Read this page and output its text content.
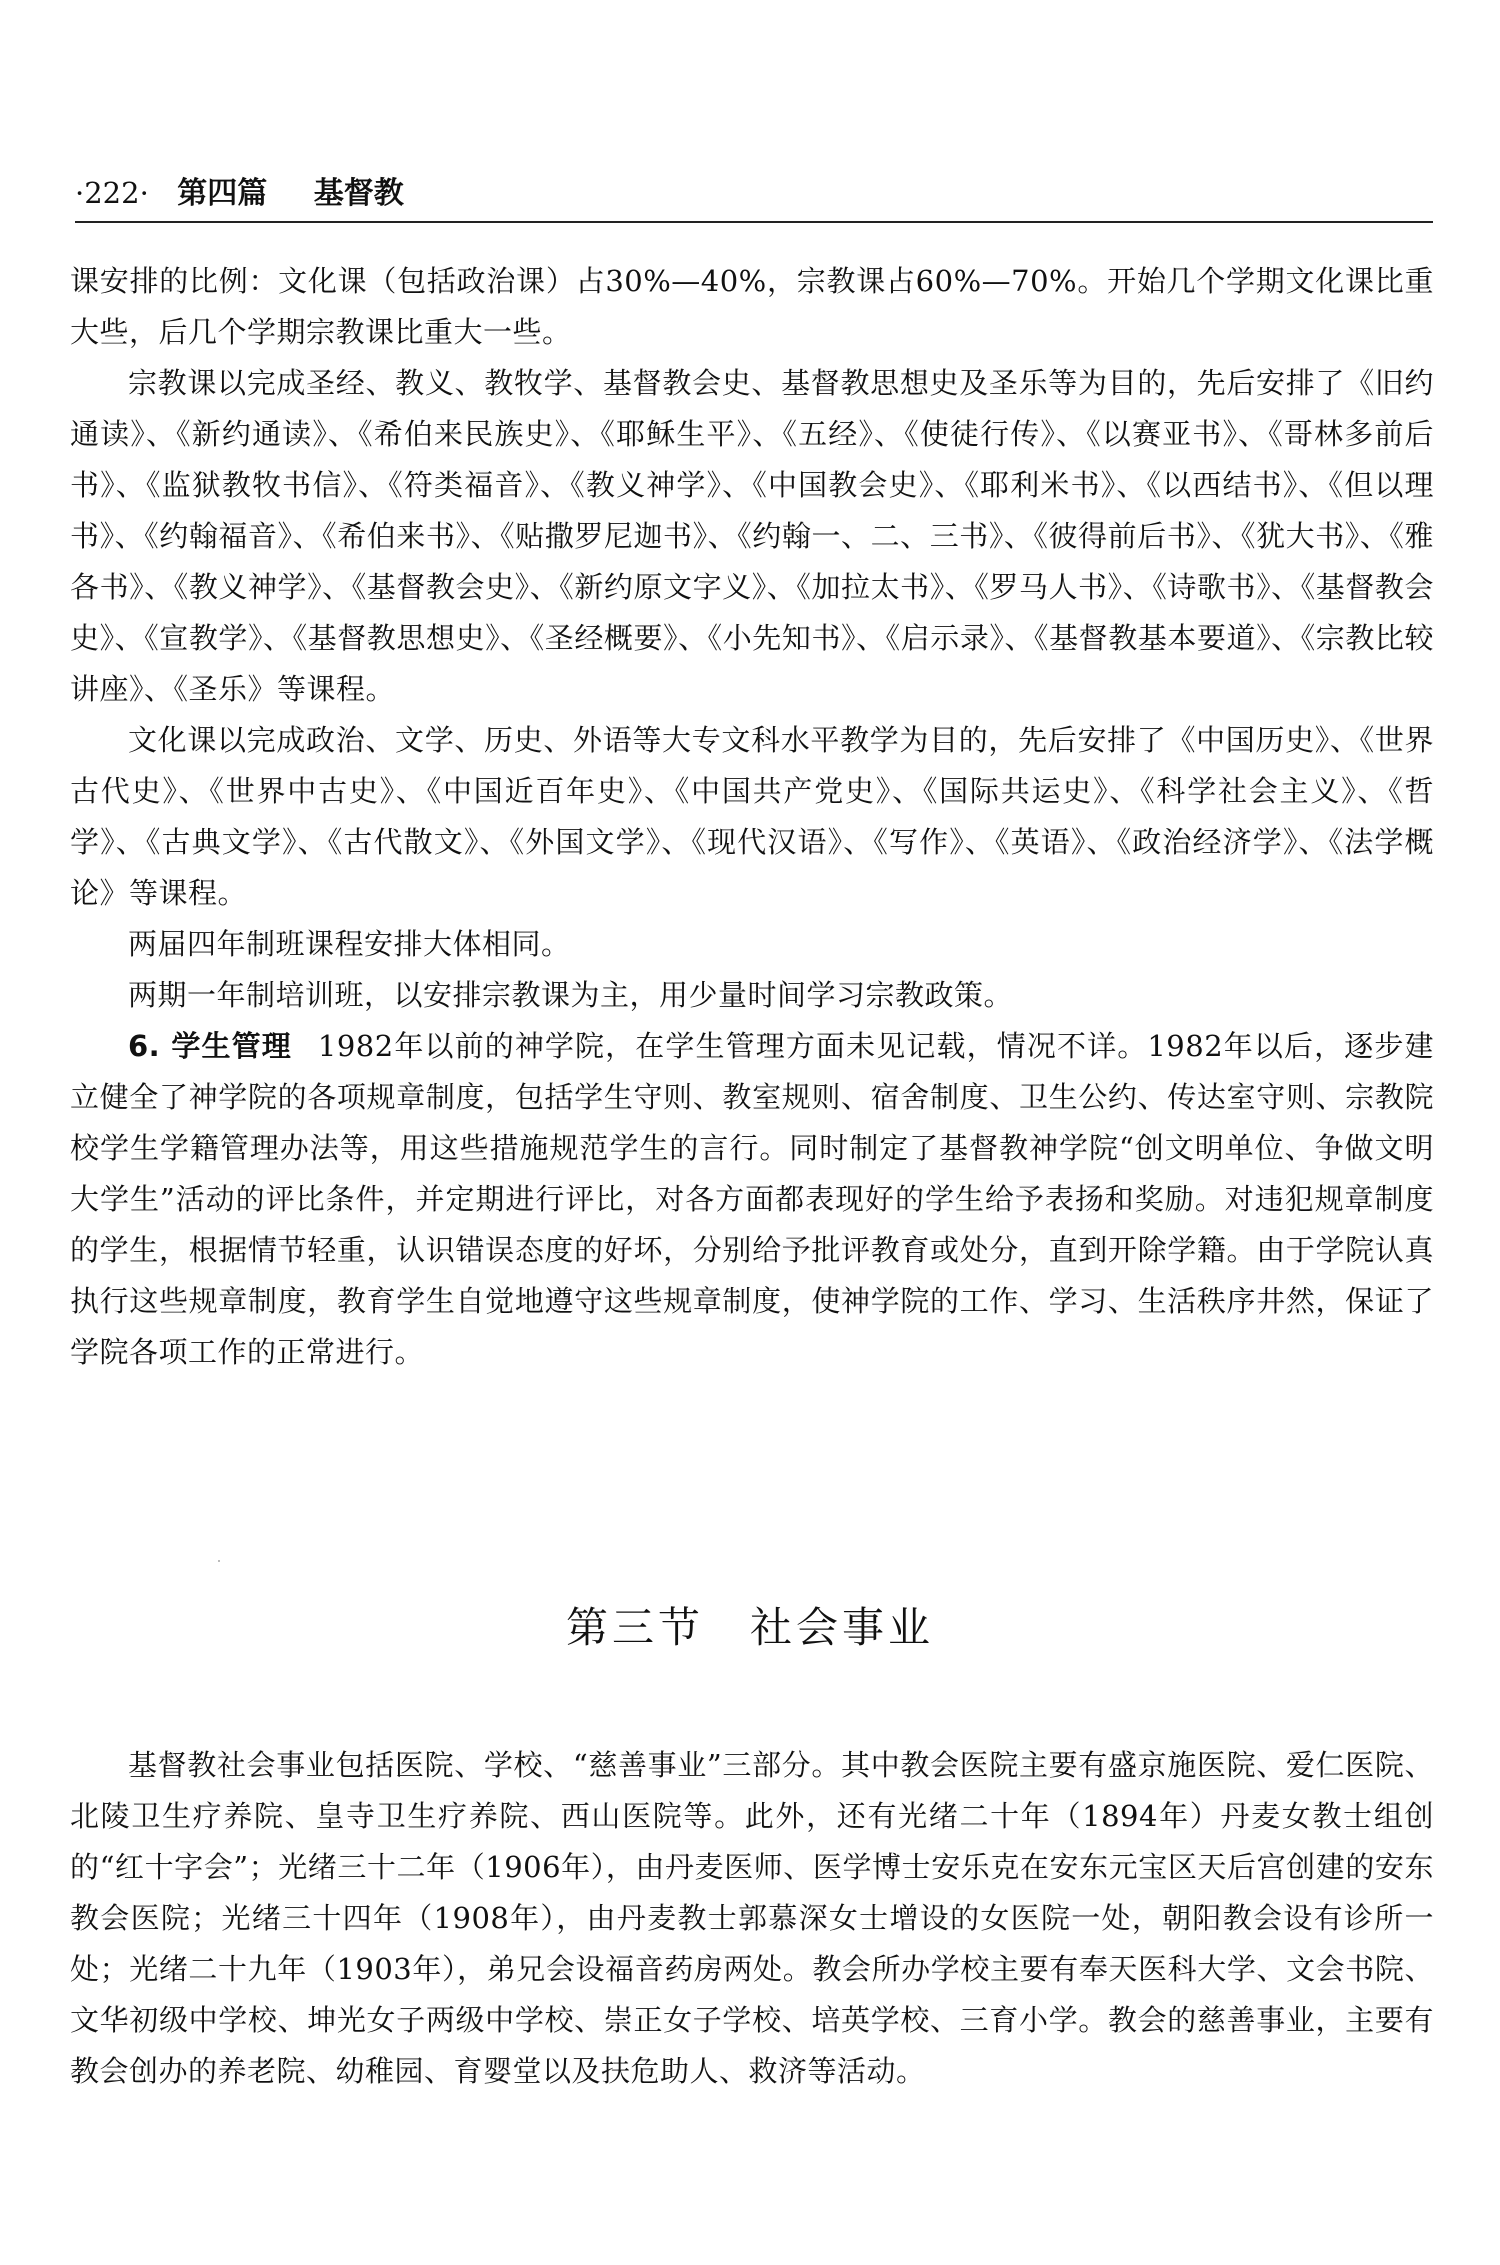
·222· 第四篇 基督教

课安排的比例：文化课（包括政治课）占30%—40%，宗教课占60%—70%。开始几个学期文化课比重大些，后几个学期宗教课比重大一些。

宗教课以完成圣经、教义、教牧学、基督教会史、基督教思想史及圣乐等为目的，先后安排了《旧约通读》、《新约通读》、《希伯来民族史》、《耶稣生平》、《五经》、《使徒行传》、《以赛亚书》、《哥林多前后书》、《监狱教牧书信》、《符类福音》、《教义神学》、《中国教会史》、《耶利米书》、《以西结书》、《但以理书》、《约翰福音》、《希伯来书》、《贴撒罗尼迦书》、《约翰一、二、三书》、《彼得前后书》、《犹大书》、《雅各书》、《教义神学》、《基督教会史》、《新约原文字义》、《加拉太书》、《罗马人书》、《诗歌书》、《基督教会史》、《宣教学》、《基督教思想史》、《圣经概要》、《小先知书》、《启示录》、《基督教基本要道》、《宗教比较讲座》、《圣乐》等课程。

文化课以完成政治、文学、历史、外语等大专文科水平教学为目的，先后安排了《中国历史》、《世界古代史》、《世界中古史》、《中国近百年史》、《中国共产党史》、《国际共运史》、《科学社会主义》、《哲学》、《古典文学》、《古代散文》、《外国文学》、《现代汉语》、《写作》、《英语》、《政治经济学》、《法学概论》等课程。

两届四年制班课程安排大体相同。

两期一年制培训班，以安排宗教课为主，用少量时间学习宗教政策。

6. 学生管理 1982年以前的神学院，在学生管理方面未见记载，情况不详。1982年以后，逐步建立健全了神学院的各项规章制度，包括学生守则、教室规则、宿舍制度、卫生公约、传达室守则、宗教院校学生学籍管理办法等，用这些措施规范学生的言行。同时制定了基督教神学院“创文明单位、争做文明大学生”活动的评比条件，并定期进行评比，对各方面都表现好的学生给予表扬和奖励。对违犯规章制度的学生，根据情节轻重，认识错误态度的好坏，分别给予批评教育或处分，直到开除学籍。由于学院认真执行这些规章制度，教育学生自觉地遵守这些规章制度，使神学院的工作、学习、生活秩序井然，保证了学院各项工作的正常进行。

第三节　社会事业

基督教社会事业包括医院、学校、“慈善事业”三部分。其中教会医院主要有盛京施医院、爱仁医院、北陵卫生疗养院、皇寺卫生疗养院、西山医院等。此外，还有光绪二十年（1894年）丹麦女教士组创的“红十字会”；光绪三十二年（1906年），由丹麦医师、医学博士安乐克在安东元宝区天后宫创建的安东教会医院；光绪三十四年（1908年），由丹麦教士郭慕深女士增设的女医院一处，朝阳教会设有诊所一处；光绪二十九年（1903年），弟兄会设福音药房两处。教会所办学校主要有奉天医科大学、文会书院、文华初级中学校、坤光女子两级中学校、崇正女子学校、培英学校、三育小学。教会的慈善事业，主要有教会创办的养老院、幼稚园、育婴堂以及扶危助人、救济等活动。
